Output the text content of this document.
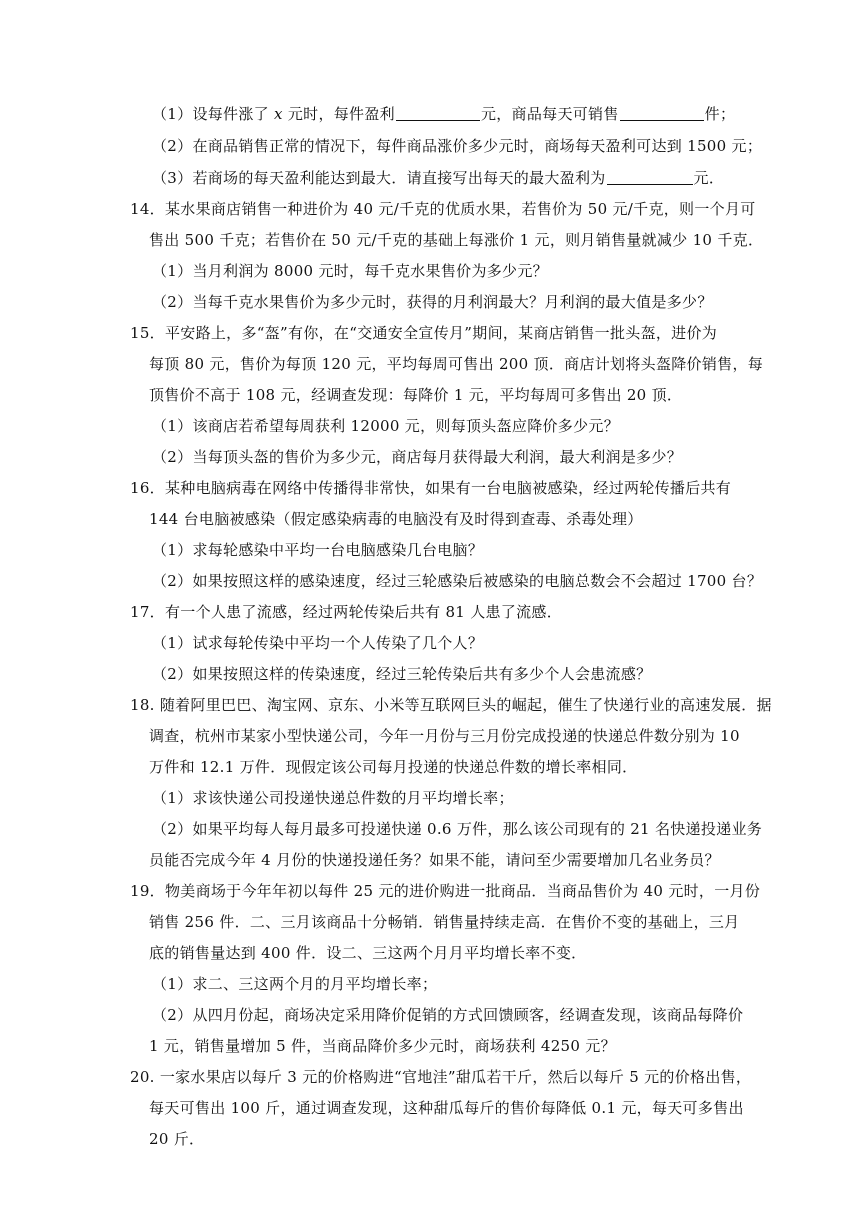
（1）设每件涨了 x 元时，每件盈利	元，商品每天可销售	件；
（2）在商品销售正常的情况下，每件商品涨价多少元时，商场每天盈利可达到 1500 元；
（3）若商场的每天盈利能达到最大．请直接写出每天的最大盈利为	元．
14．某水果商店销售一种进价为 40 元/千克的优质水果，若售价为 50 元/千克，则一个月可
售出 500 千克；若售价在 50 元/千克的基础上每涨价 1 元，则月销售量就减少 10 千克．
（1）当月利润为 8000 元时，每千克水果售价为多少元？
（2）当每千克水果售价为多少元时，获得的月利润最大？月利润的最大值是多少？
15．平安路上，多“盔”有你，在“交通安全宣传月”期间，某商店销售一批头盔，进价为
每顶 80 元，售价为每顶 120 元，平均每周可售出 200 顶．商店计划将头盔降价销售，每
顶售价不高于 108 元，经调查发现：每降价 1 元，平均每周可多售出 20 顶．
（1）该商店若希望每周获利 12000 元，则每顶头盔应降价多少元？
（2）当每顶头盔的售价为多少元，商店每月获得最大利润，最大利润是多少？
16．某种电脑病毒在网络中传播得非常快，如果有一台电脑被感染，经过两轮传播后共有
144 台电脑被感染（假定感染病毒的电脑没有及时得到查毒、杀毒处理）
（1）求每轮感染中平均一台电脑感染几台电脑？
（2）如果按照这样的感染速度，经过三轮感染后被感染的电脑总数会不会超过 1700 台？
17．有一个人患了流感，经过两轮传染后共有 81 人患了流感．
（1）试求每轮传染中平均一个人传染了几个人？
（2）如果按照这样的传染速度，经过三轮传染后共有多少个人会患流感？
18. 随着阿里巴巴、淘宝网、京东、小米等互联网巨头的崛起，催生了快递行业的高速发展．据
调查，杭州市某家小型快递公司，今年一月份与三月份完成投递的快递总件数分别为 10
万件和 12.1 万件．现假定该公司每月投递的快递总件数的增长率相同．
（1）求该快递公司投递快递总件数的月平均增长率；
（2）如果平均每人每月最多可投递快递 0.6 万件，那么该公司现有的 21 名快递投递业务
员能否完成今年 4 月份的快递投递任务？如果不能，请问至少需要增加几名业务员？
19．物美商场于今年年初以每件 25 元的进价购进一批商品．当商品售价为 40 元时，一月份
销售 256 件．二、三月该商品十分畅销．销售量持续走高．在售价不变的基础上，三月
底的销售量达到 400 件．设二、三这两个月月平均增长率不变．
（1）求二、三这两个月的月平均增长率；
（2）从四月份起，商场决定采用降价促销的方式回馈顾客，经调查发现，该商品每降价
1 元，销售量增加 5 件，当商品降价多少元时，商场获利 4250 元？
20. 一家水果店以每斤 3 元的价格购进“官地洼”甜瓜若干斤，然后以每斤 5 元的价格出售，
每天可售出 100 斤，通过调查发现，这种甜瓜每斤的售价每降低 0.1 元，每天可多售出
20 斤．
